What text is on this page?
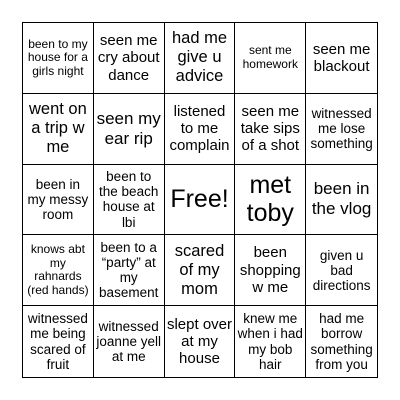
been to my house for a girls night
seen me cry about dance
had me give u advice
sent me homework
seen me blackout
went on a trip w me
seen my ear rip
listened to me complain
seen me take sips of a shot
witnessed me lose something
been in my messy room
been to the beach house at lbi
Free! met toby
been in the vlog
knows abt my rahnards (red hands)
been to a “party” at my basement
scared of my mom
been shopping w me
given u bad directions
witnessed me being scared of fruit
witnessed joanne yell at me
slept over at my house
knew me when i had my bob hair
had me borrow something from you
